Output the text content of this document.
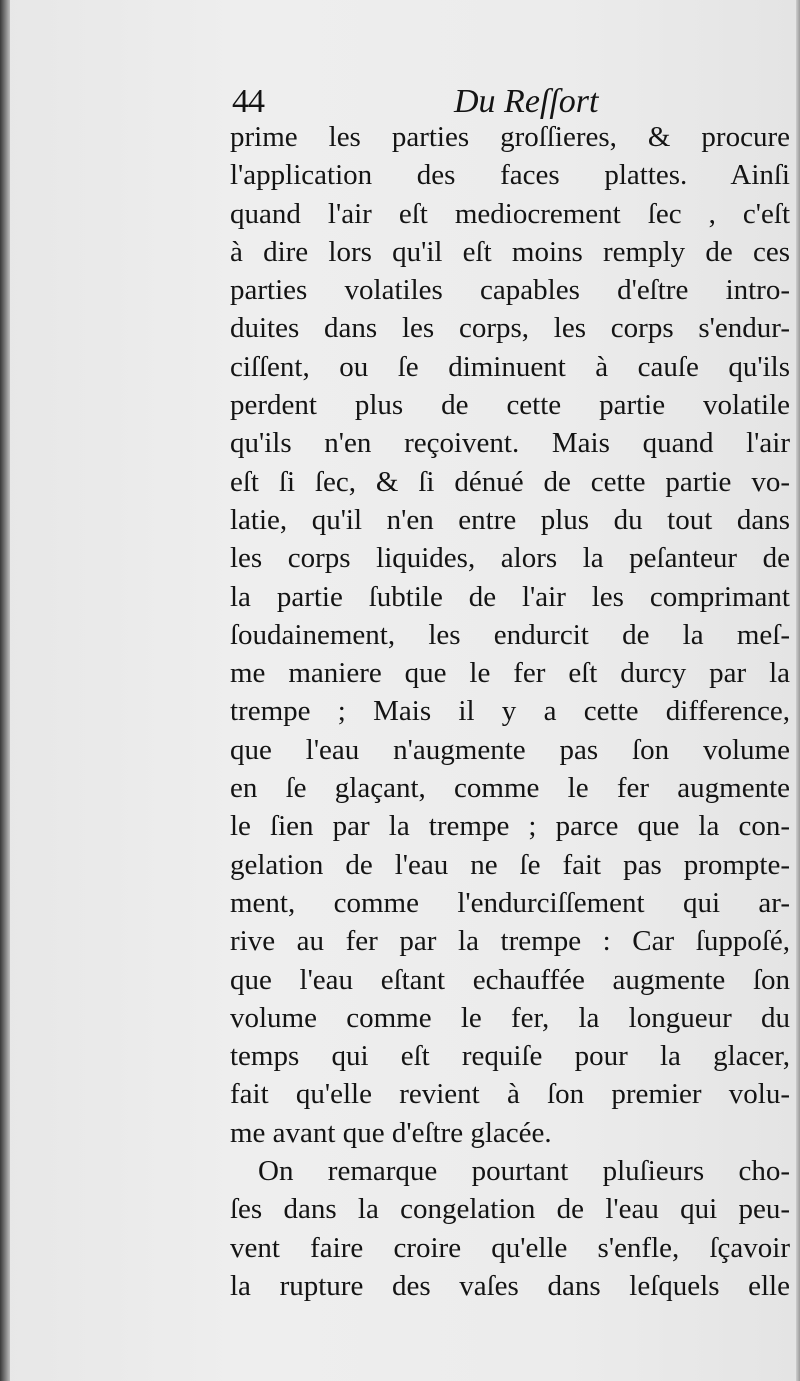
44	Du Reſſort
prime les parties groſſieres, & procure
l'application des faces plattes. Ainſi
quand l'air eſt mediocrement ſec , c'eſt
à dire lors qu'il eſt moins remply de ces
parties volatiles capables d'eſtre intro-
duites dans les corps, les corps s'endur-
ciſſent, ou ſe diminuent à cauſe qu'ils
perdent plus de cette partie volatile
qu'ils n'en reçoivent. Mais quand l'air
eſt ſi ſec, & ſi dénué de cette partie vo-
latie, qu'il n'en entre plus du tout dans
les corps liquides, alors la peſanteur de
la partie ſubtile de l'air les comprimant
ſoudainement, les endurcit de la meſ-
me maniere que le fer eſt durcy par la
trempe ; Mais il y a cette difference,
que l'eau n'augmente pas ſon volume
en ſe glaçant, comme le fer augmente
le ſien par la trempe ; parce que la con-
gelation de l'eau ne ſe fait pas prompte-
ment, comme l'endurciſſement qui ar-
rive au fer par la trempe : Car ſuppoſé,
que l'eau eſtant echauffée augmente ſon
volume comme le fer, la longueur du
temps qui eſt requiſe pour la glacer,
fait qu'elle revient à ſon premier volu-
me avant que d'eſtre glacée.
On remarque pourtant pluſieurs cho-
ſes dans la congelation de l'eau qui peu-
vent faire croire qu'elle s'enfle, ſçavoir
la rupture des vaſes dans leſquels elle
